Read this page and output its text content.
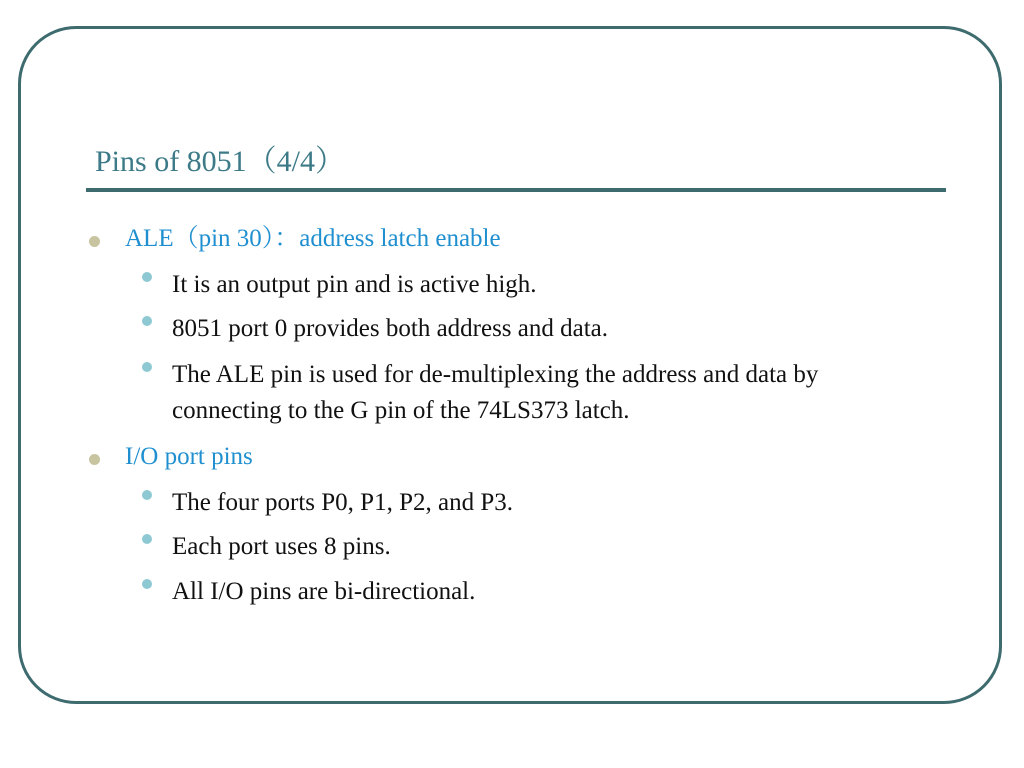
Pins of 8051（4/4）
ALE（pin 30）：address latch enable
It is an output pin and is active high.
8051 port 0 provides both address and data.
The ALE pin is used for de-multiplexing the address and data by connecting to the G pin of the 74LS373 latch.
I/O port pins
The four ports P0, P1, P2, and P3.
Each port uses 8 pins.
All I/O pins are bi-directional.
